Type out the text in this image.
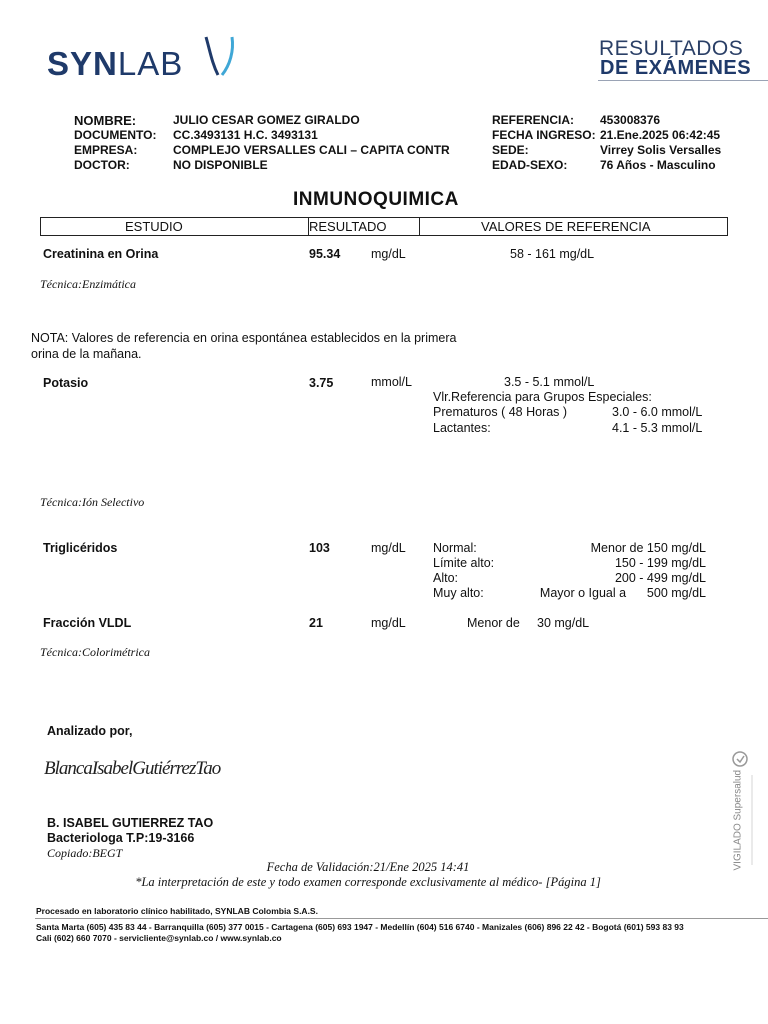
SYNLAB	RESULTADOS
DE EXÁMENES
NOMBRE:	JULIO CESAR GOMEZ GIRALDO
DOCUMENTO: CC.3493131 H.C. 3493131
EMPRESA:	COMPLEJO VERSALLES CALI – CAPITA CONTR
DOCTOR:	NO DISPONIBLE
REFERENCIA: 453008376
FECHA INGRESO: 21.Ene.2025 06:42:45
SEDE:	Virrey Solis Versalles
EDAD-SEXO:	76 Años - Masculino
INMUNOQUIMICA
ESTUDIO	RESULTADO	VALORES DE REFERENCIA
Creatinina en Orina	95.34 mg/dL	58 - 161 mg/dL
Técnica:Enzimática
NOTA: Valores de referencia en orina espontánea establecidos en la primera orina de la mañana.
Potasio	3.75	mmol/L	3.5 - 5.1 mmol/L
Vlr.Referencia para Grupos Especiales:
Prematuros ( 48 Horas )	3.0 - 6.0 mmol/L
Lactantes:	4.1 - 5.3 mmol/L
Técnica:Ión Selectivo
Triglicéridos	103	mg/dL Normal:	Menor de 150 mg/dL
Límite alto:	150 - 199 mg/dL
Alto:	200 - 499 mg/dL
Muy alto:	Mayor o Igual a      500 mg/dL
Fracción VLDL	21	mg/dL	Menor de 30 mg/dL
Técnica:Colorimétrica
Analizado por,
BlancaIsabelGutiérrezTao
B. ISABEL GUTIERREZ TAO
Bacteriologa T.P:19-3166
Copiado:BEGT	VIGILADO Supersalud
Fecha de Validación:21/Ene 2025 14:41
*La interpretación de este y todo examen corresponde exclusivamente al médico- [Página 1]
Procesado en laboratorio clínico habilitado, SYNLAB Colombia S.A.S.
Santa Marta (605) 435 83 44 - Barranquilla (605) 377 0015 - Cartagena (605) 693 1947 - Medellín (604) 516 6740 - Manizales (606) 896 22 42 - Bogotá (601) 593 83 93
Cali (602) 660 7070 - servicliente@synlab.co / www.synlab.co
